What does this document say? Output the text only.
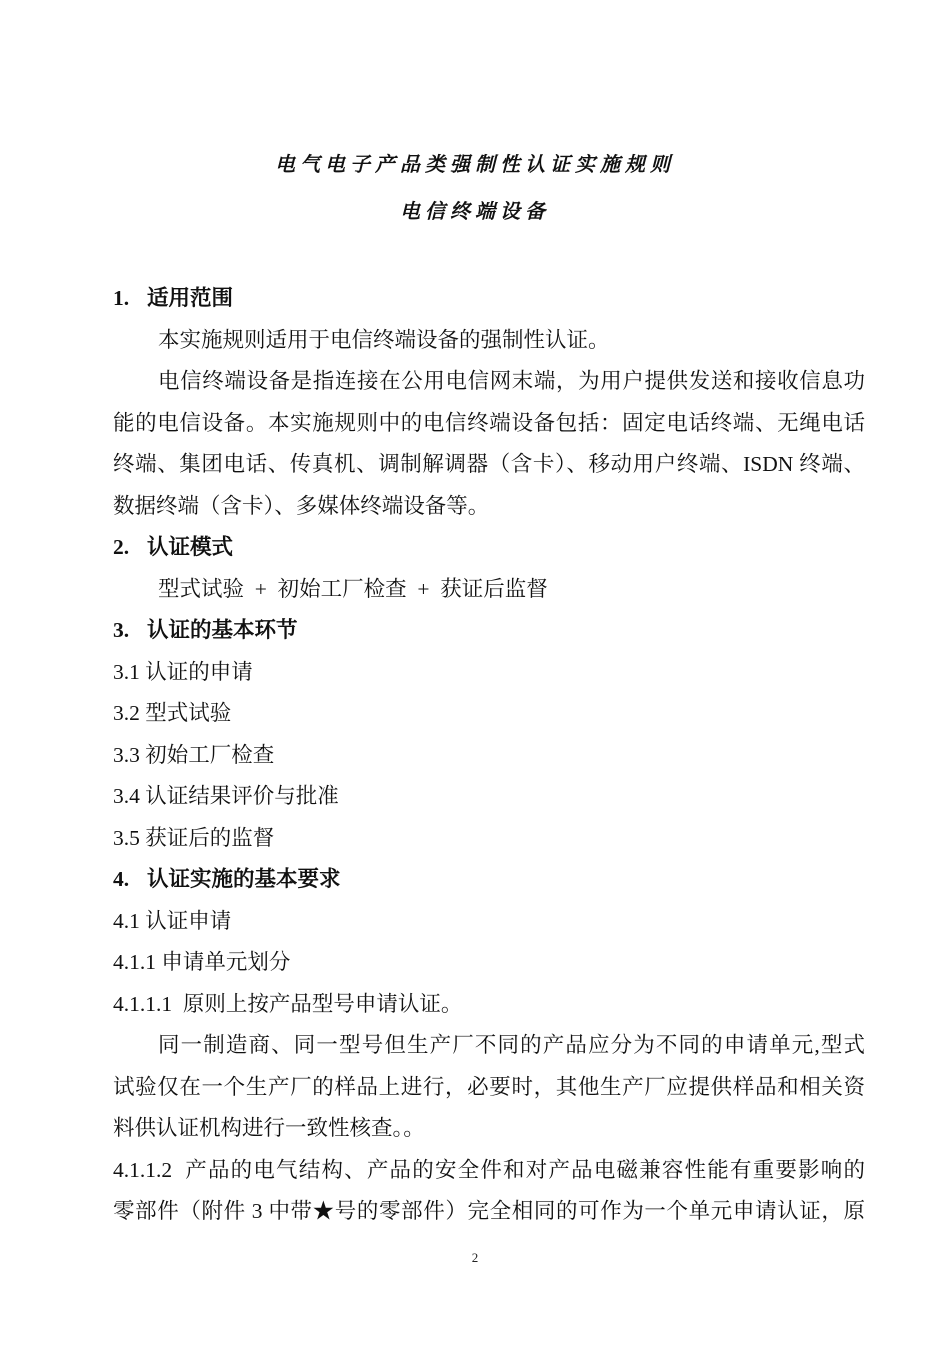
电气电子产品类强制性认证实施规则
电信终端设备
1. 适用范围
本实施规则适用于电信终端设备的强制性认证。
电信终端设备是指连接在公用电信网末端，为用户提供发送和接收信息功
能的电信设备。本实施规则中的电信终端设备包括：固定电话终端、无绳电话
终端、集团电话、传真机、调制解调器（含卡）、移动用户终端、ISDN 终端、
数据终端（含卡）、多媒体终端设备等。
2. 认证模式
型式试验  +  初始工厂检查  +  获证后监督
3. 认证的基本环节
3.1 认证的申请
3.2 型式试验
3.3 初始工厂检查
3.4 认证结果评价与批准
3.5 获证后的监督
4. 认证实施的基本要求
4.1 认证申请
4.1.1 申请单元划分
4.1.1.1  原则上按产品型号申请认证。
同一制造商、同一型号但生产厂不同的产品应分为不同的申请单元,型式
试验仅在一个生产厂的样品上进行，必要时，其他生产厂应提供样品和相关资
料供认证机构进行一致性核查。。
4.1.1.2  产品的电气结构、产品的安全件和对产品电磁兼容性能有重要影响的
零部件（附件 3 中带★号的零部件）完全相同的可作为一个单元申请认证，原
2
